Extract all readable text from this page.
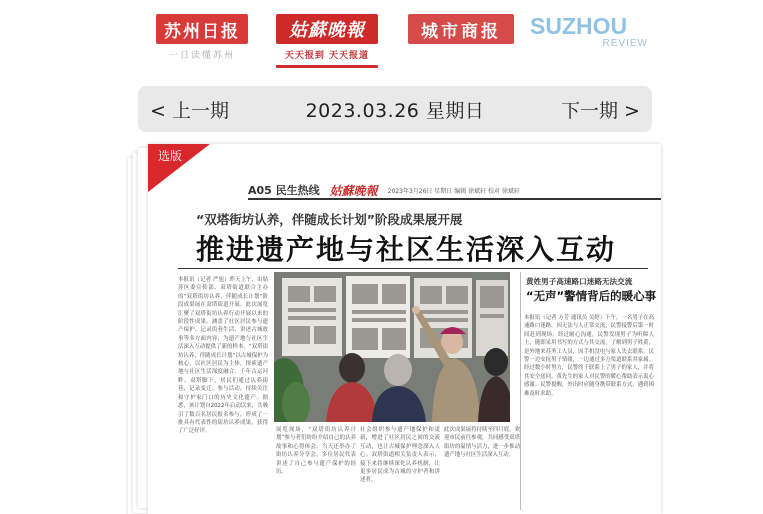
苏州日报
一日读懂苏州
姑蘇晚報
天天报到 天天报道
城市商报	SUZHOU
REVIEW
< 上一期	2023.03.26 星期日	下一期 >
A05 民生热线 姑蘇晚報 2023年3月26日 星期日 编辑 徐斌轩 校对 徐斌轩
“双塔街坊认养，伴随成长计划”阶段成果展开展
推进遗产地与社区生活深入互动
本报讯（记者 严旭）昨天上午，由姑苏区委宣传部、双塔街道联合主办的“双塔街坊认养，伴随成长计划”阶段成果展在双塔街道开展。此次展览汇聚了双塔街坊认养行动开展以来的阶段性成果，涵盖了社区居民参与遗产保护、记录街巷生活、讲述古城故事等多方面内容，为遗产地与社区生活深入互动提供了新的样本。“双塔街坊认养，伴随成长计划”以古城保护为核心，以社区居民为主体，探索遗产地与社区生活深度融合。千年古运河畔、双塔脚下，居民们通过认养街巷、记录变迁、参与活动，持续关注和守护家门口的历史文化遗产。据悉，该计划自2022年启动以来，共吸引了数百名居民报名参与，形成了一批具有代表性的街坊认养成果，获得了广泛好评。	展览现场，“双塔街坊认养计划”参与者们纷纷介绍自己的认养故事和心得体会。当天还举办了街坊认养分享会，多位居民代表讲述了自己参与遗产保护的经历。
社会组织参与遗产地保护和更新，增进了社区居民之间的交流互动，也让古城保护理念深入人心。双塔街道相关负责人表示，接下来将继续深化认养机制，让更多居民成为古城的守护者和讲述者。
此次成果展将持续至四月底，欢迎市民前往参观，共同感受双塔街坊的温情与活力，进一步推动遗产地与社区生活深入互动。
黄姓男子高速路口迷路无法交流
“无声”警情背后的暖心事
本报讯（记者 方芳 通讯员 吴婷）下午，一名男子在高速路口迷路，因无法与人正常交流，民警接警后第一时间赶到现场。经过耐心沟通，民警发现男子为听障人士，随即采用书写的方式与其交流，了解到男子姓黄，是外地来苏务工人员，因手机没电与家人失去联系。民警一边安抚男子情绪，一边通过多方渠道联系其家属。经过数小时努力，民警终于联系上了男子的家人，并将其安全送回。黄先生的家人对民警的暖心帮助表示衷心感谢。民警提醒，外出时应随身携带联系方式，遇到困难及时求助。
选版
A05
